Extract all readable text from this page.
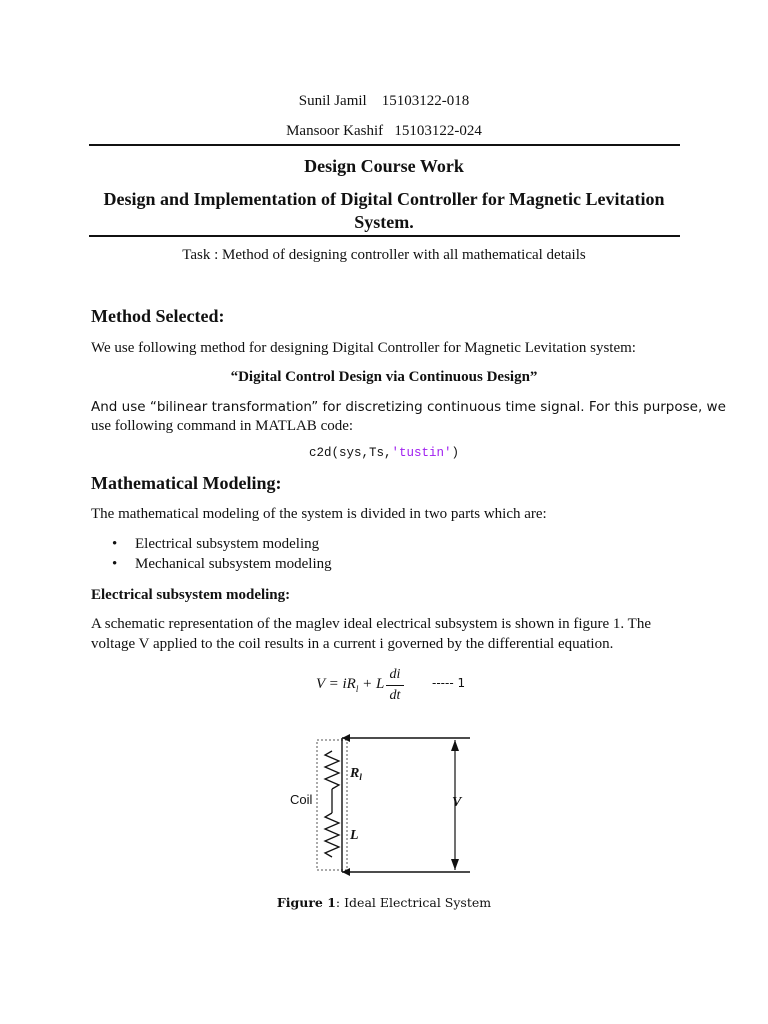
Sunil Jamil 15103122-018
Mansoor Kashif 15103122-024
Design Course Work
Design and Implementation of Digital Controller for Magnetic Levitation
System.
Task : Method of designing controller with all mathematical details
Method Selected:
We use following method for designing Digital Controller for Magnetic Levitation system:
“Digital Control Design via Continuous Design”
And use “bilinear transformation” for discretizing continuous time signal. For this purpose, we
use following command in MATLAB code:
c2d(sys,Ts,'tustin')
Mathematical Modeling:
The mathematical modeling of the system is divided in two parts which are:
• Electrical subsystem modeling
• Mechanical subsystem modeling
Electrical subsystem modeling:
A schematic representation of the maglev ideal electrical subsystem is shown in figure 1. The
voltage V applied to the coil results in a current i governed by the differential equation.
$V = iR_l + L$
di
dt
----- 1
Coil
$R_l$
L
V
Figure 1: Ideal Electrical System
